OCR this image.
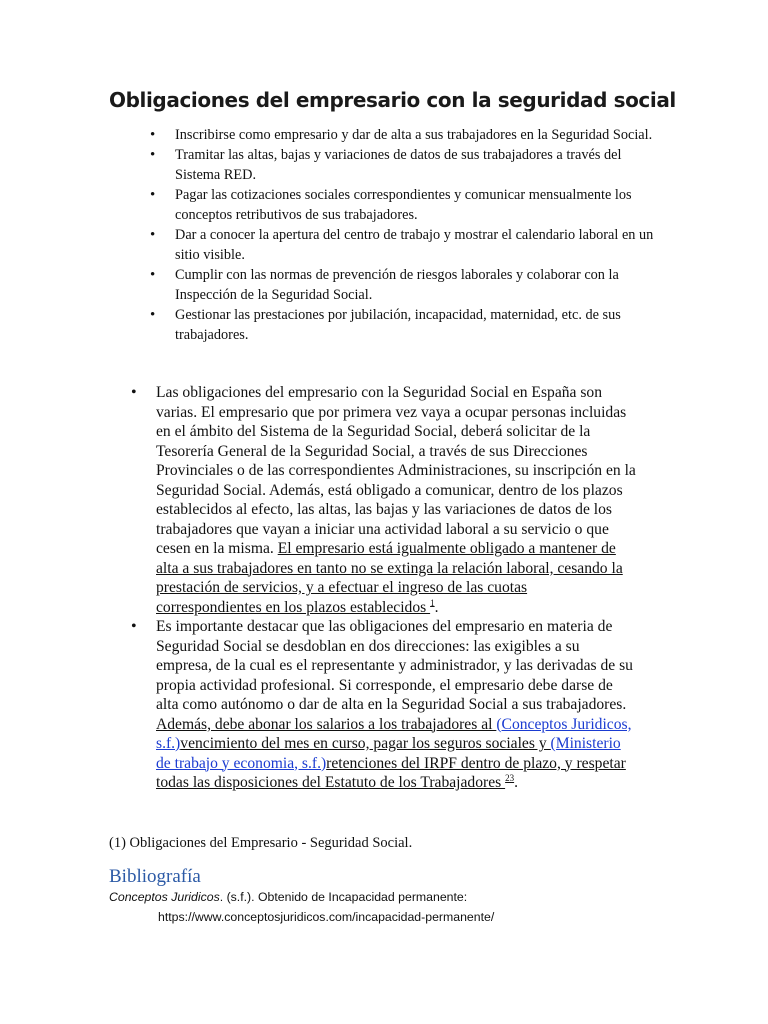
Obligaciones del empresario con la seguridad social
• Inscribirse como empresario y dar de alta a sus trabajadores en la Seguridad Social.
• Tramitar las altas, bajas y variaciones de datos de sus trabajadores a través del Sistema RED.
• Pagar las cotizaciones sociales correspondientes y comunicar mensualmente los conceptos retributivos de sus trabajadores.
• Dar a conocer la apertura del centro de trabajo y mostrar el calendario laboral en un sitio visible.
• Cumplir con las normas de prevención de riesgos laborales y colaborar con la Inspección de la Seguridad Social.
• Gestionar las prestaciones por jubilación, incapacidad, maternidad, etc. de sus trabajadores.
• Las obligaciones del empresario con la Seguridad Social en España son varias. El empresario que por primera vez vaya a ocupar personas incluidas en el ámbito del Sistema de la Seguridad Social, deberá solicitar de la Tesorería General de la Seguridad Social, a través de sus Direcciones Provinciales o de las correspondientes Administraciones, su inscripción en la Seguridad Social. Además, está obligado a comunicar, dentro de los plazos establecidos al efecto, las altas, las bajas y las variaciones de datos de los trabajadores que vayan a iniciar una actividad laboral a su servicio o que cesen en la misma. El empresario está igualmente obligado a mantener de alta a sus trabajadores en tanto no se extinga la relación laboral, cesando la prestación de servicios, y a efectuar el ingreso de las cuotas correspondientes en los plazos establecidos $^1$.
• Es importante destacar que las obligaciones del empresario en materia de Seguridad Social se desdoblan en dos direcciones: las exigibles a su empresa, de la cual es el representante y administrador, y las derivadas de su propia actividad profesional. Si corresponde, el empresario debe darse de alta como autónomo o dar de alta en la Seguridad Social a sus trabajadores. Además, debe abonar los salarios a los trabajadores al (Conceptos Juridicos, s.f.)vencimiento del mes en curso, pagar los seguros sociales y (Ministerio de trabajo y economia, s.f.)retenciones del IRPF dentro de plazo, y respetar todas las disposiciones del Estatuto de los Trabajadores $^{23}$.

(1) Obligaciones del Empresario - Seguridad Social.

Bibliografía

Conceptos Juridicos. (s.f.). Obtenido de Incapacidad permanente:
https://www.conceptosjuridicos.com/incapacidad-permanente/
